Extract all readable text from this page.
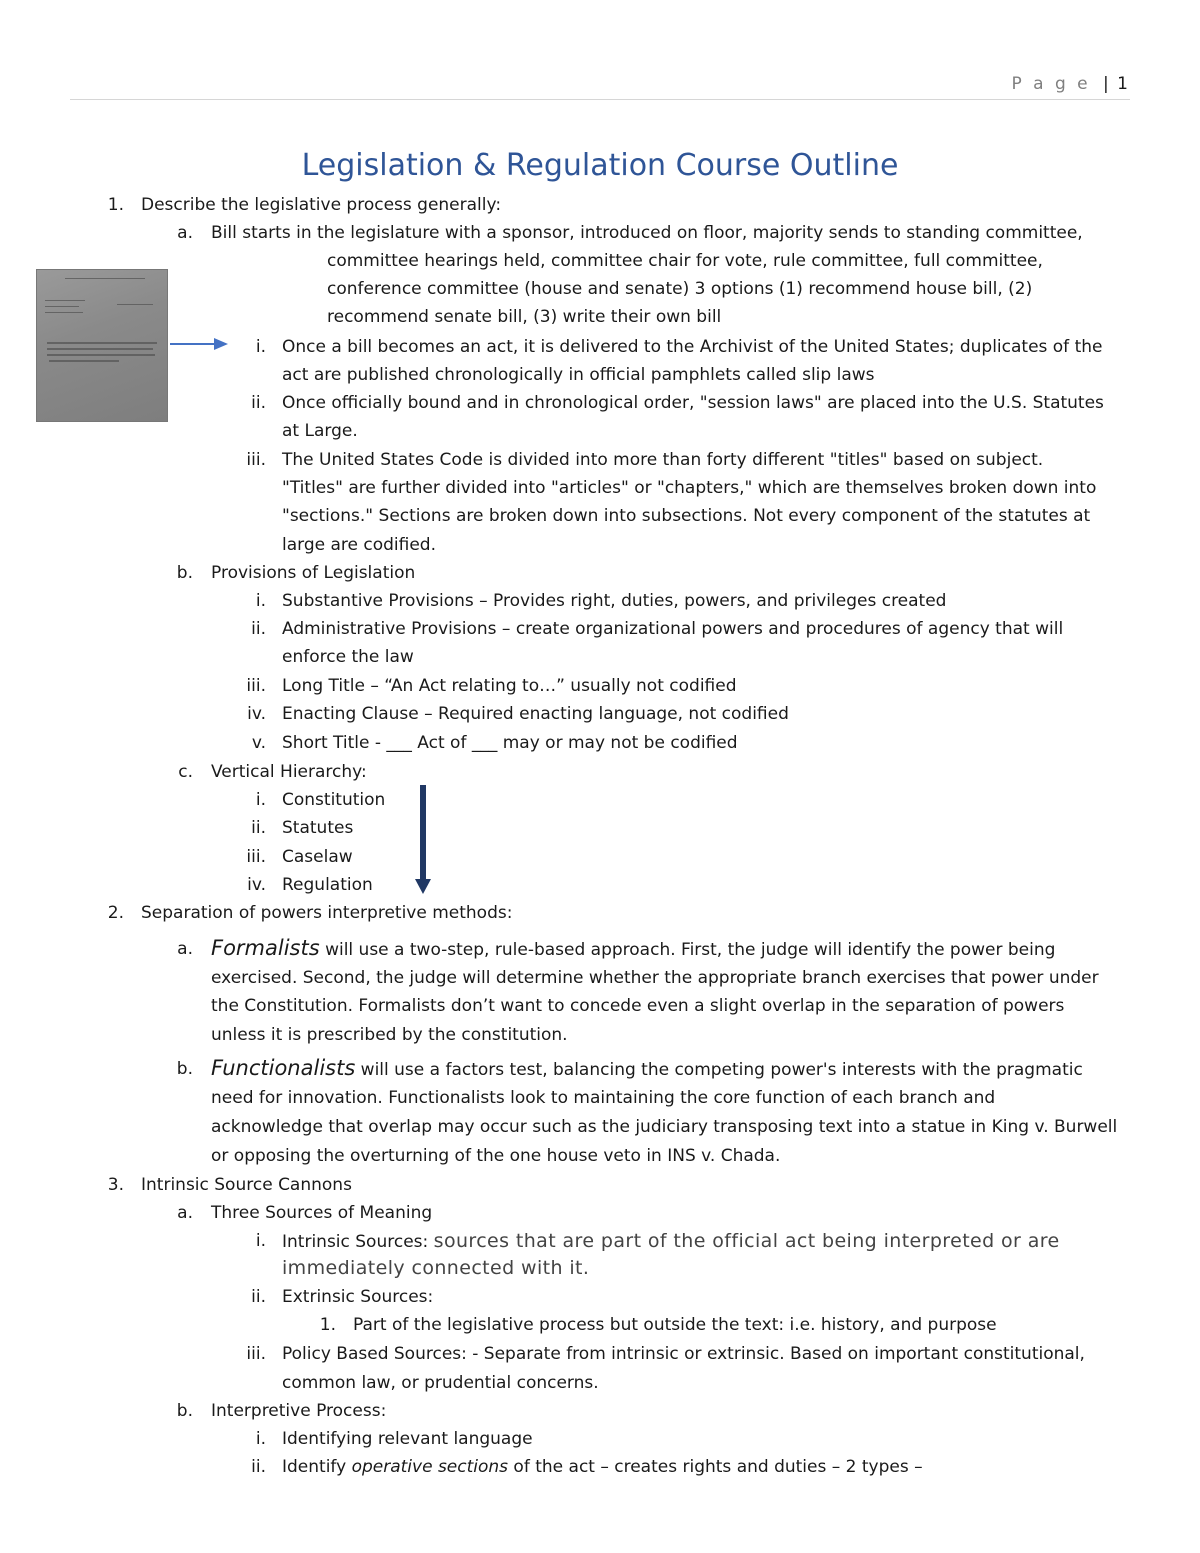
P a g e | 1
Legislation & Regulation Course Outline
1. Describe the legislative process generally:
a. Bill starts in the legislature with a sponsor, introduced on floor, majority sends to standing committee,
committee hearings held, committee chair for vote, rule committee, full committee,
conference committee (house and senate) 3 options (1) recommend house bill, (2)
recommend senate bill, (3) write their own bill
i. Once a bill becomes an act, it is delivered to the Archivist of the United States; duplicates of the
act are published chronologically in official pamphlets called slip laws
ii. Once officially bound and in chronological order, "session laws" are placed into the U.S. Statutes
at Large.
iii. The United States Code is divided into more than forty different "titles" based on subject.
"Titles" are further divided into "articles" or "chapters," which are themselves broken down into
"sections." Sections are broken down into subsections. Not every component of the statutes at
large are codified.
b. Provisions of Legislation
i. Substantive Provisions – Provides right, duties, powers, and privileges created
ii. Administrative Provisions – create organizational powers and procedures of agency that will
enforce the law
iii. Long Title – “An Act relating to…” usually not codified
iv. Enacting Clause – Required enacting language, not codified
v. Short Title - ___ Act of ___ may or may not be codified
c. Vertical Hierarchy:
i. Constitution
ii. Statutes
iii. Caselaw
iv. Regulation
2. Separation of powers interpretive methods:
a. Formalists will use a two-step, rule-based approach. First, the judge will identify the power being
exercised. Second, the judge will determine whether the appropriate branch exercises that power under
the Constitution. Formalists don’t want to concede even a slight overlap in the separation of powers
unless it is prescribed by the constitution.
b. Functionalists will use a factors test, balancing the competing power's interests with the pragmatic
need for innovation. Functionalists look to maintaining the core function of each branch and
acknowledge that overlap may occur such as the judiciary transposing text into a statue in King v. Burwell
or opposing the overturning of the one house veto in INS v. Chada.
3. Intrinsic Source Cannons
a. Three Sources of Meaning
i. Intrinsic Sources: sources that are part of the official act being interpreted or are
immediately connected with it.
ii. Extrinsic Sources:
1. Part of the legislative process but outside the text: i.e. history, and purpose
iii. Policy Based Sources: - Separate from intrinsic or extrinsic. Based on important constitutional,
common law, or prudential concerns.
b. Interpretive Process:
i. Identifying relevant language
ii. Identify operative sections of the act – creates rights and duties – 2 types –
